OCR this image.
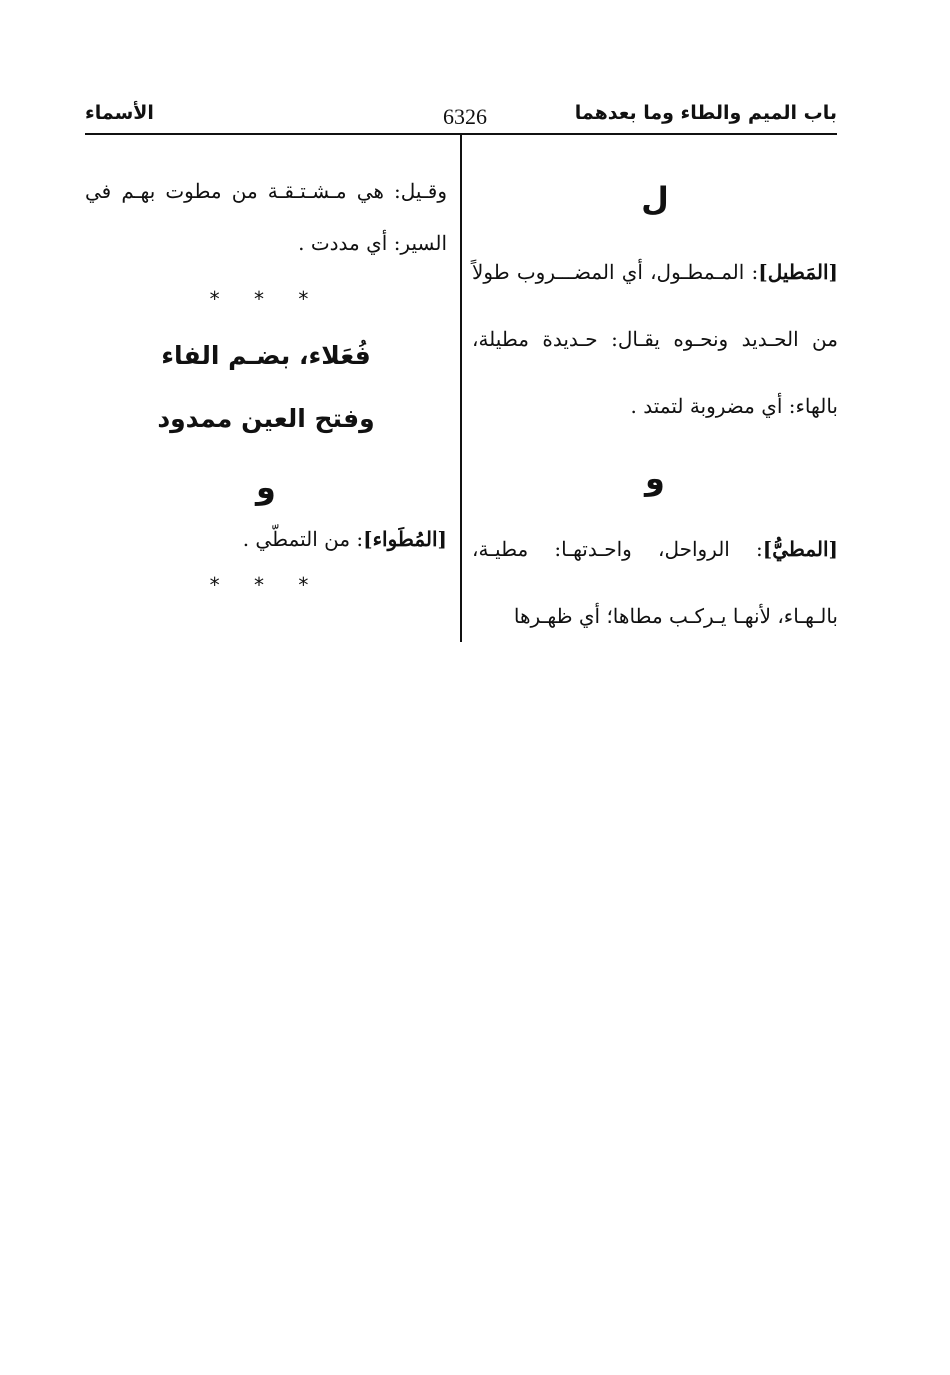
باب الميم والطاء وما بعدهما
6326
الأسماء
ل

[المَطيل]: المـمطـول، أي المضـــروب طولاً من الحـديد ونحـوه يقـال: حـديدة مطيلة، بالهاء: أي مضروبة لتمتد .

و

[المطيُّ]: الرواحل، واحـدتهـا: مطيـة، بالـهـاء، لأنهـا يـركـب مطاها؛ أي ظهـرها

وقـيل: هي مـشـتـقـة من مطوت بهـم في السير: أي مددت .

* * *
فُعَلاء، بضـم الفاء
وفتح العين ممدود
و

[المُطَواء]: من التمطّي .

* * *
